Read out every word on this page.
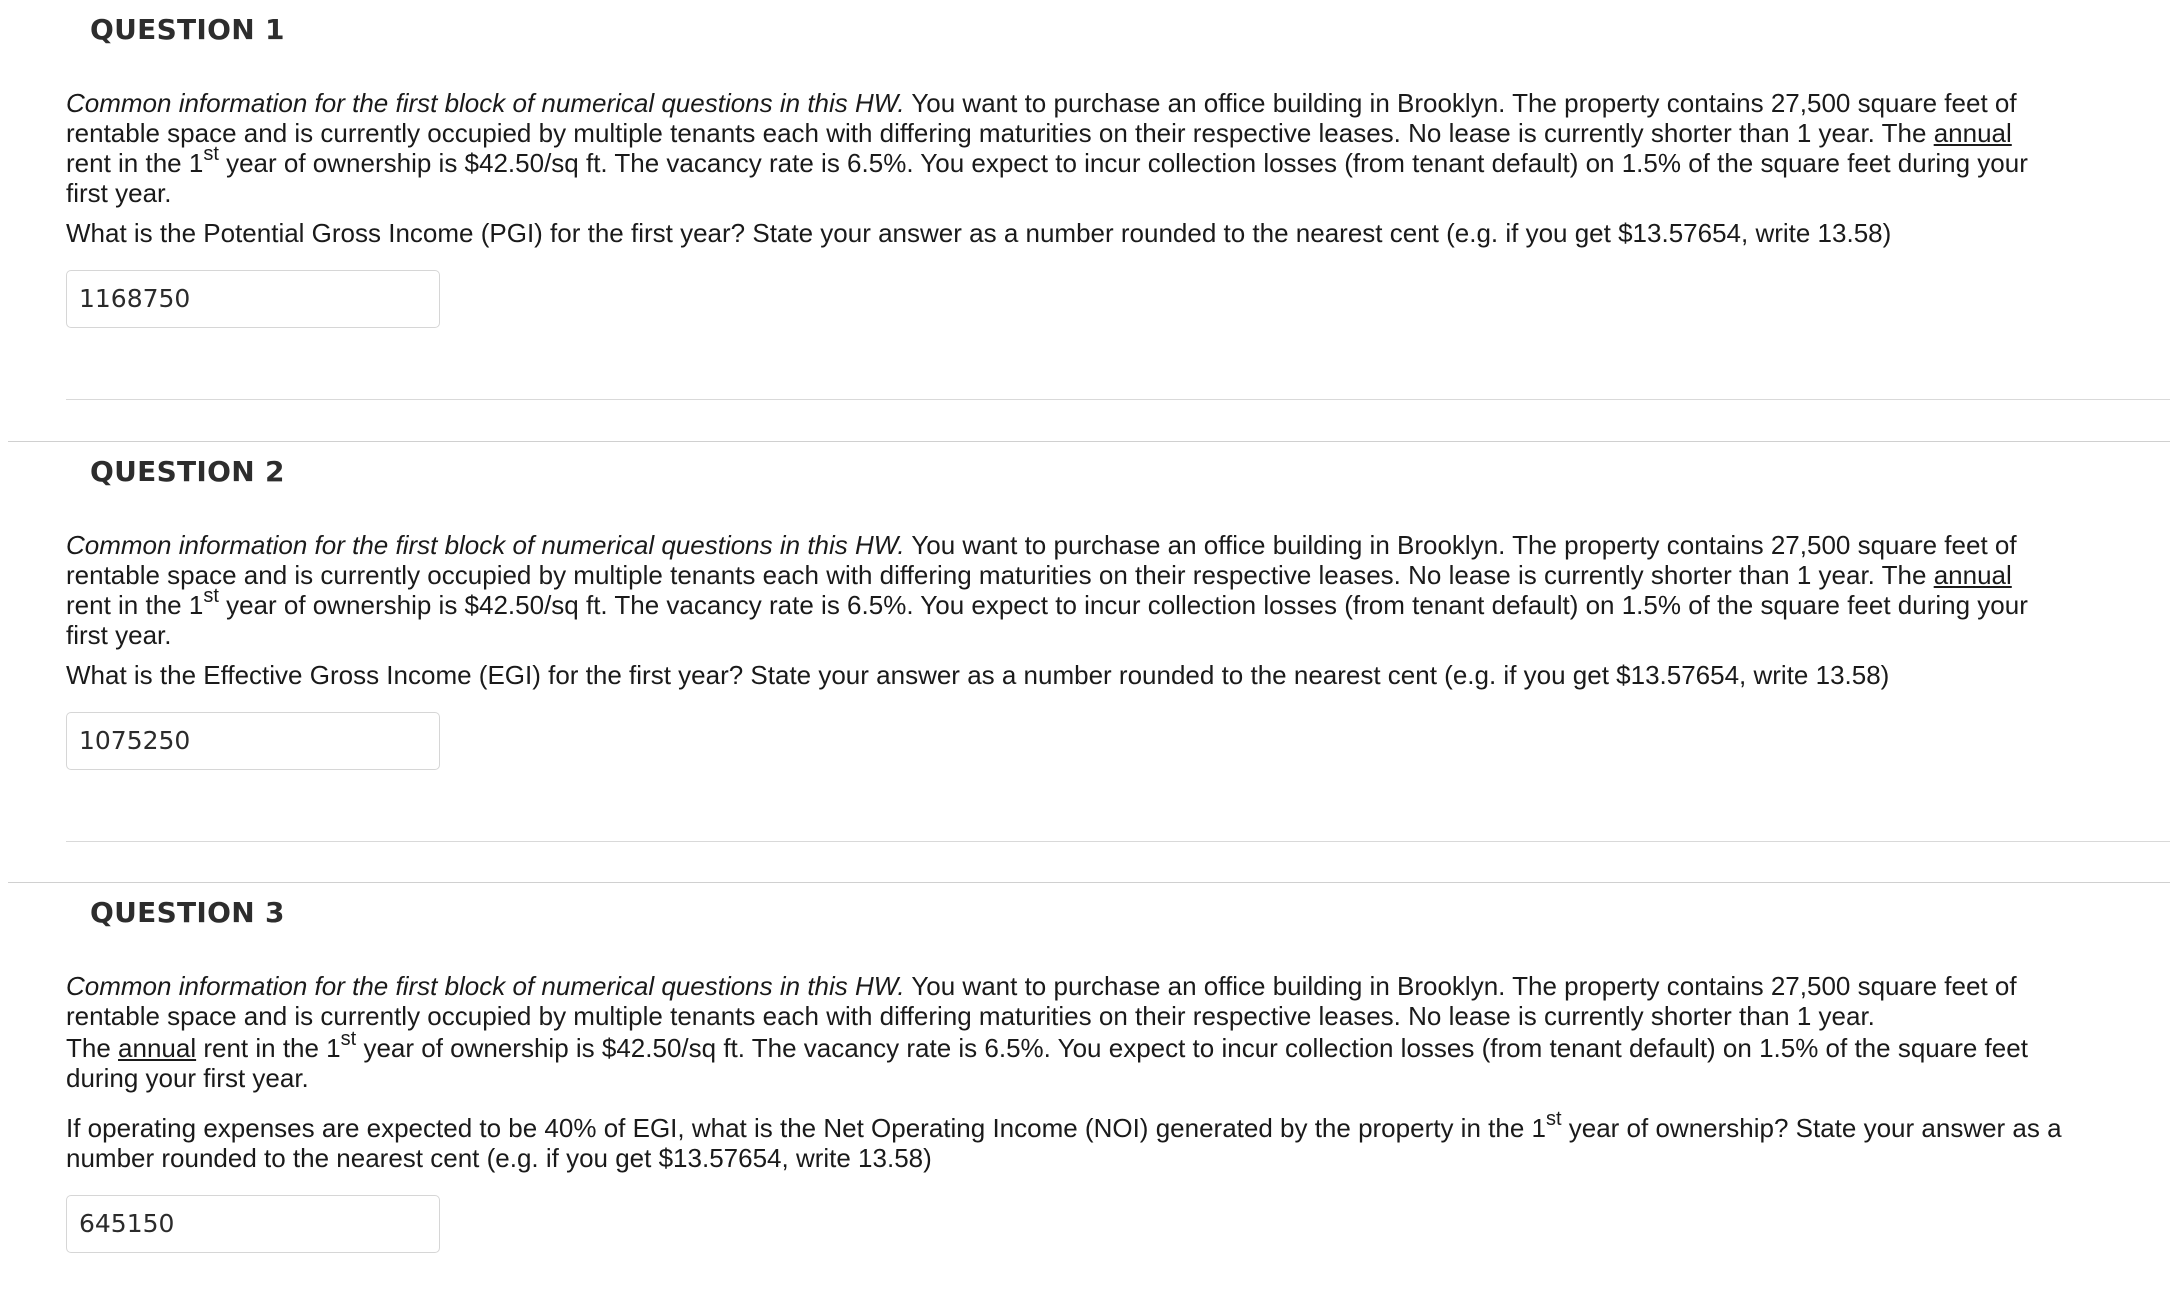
QUESTION 1

Common information for the first block of numerical questions in this HW. You want to purchase an office building in Brooklyn. The property contains 27,500 square feet of rentable space and is currently occupied by multiple tenants each with differing maturities on their respective leases. No lease is currently shorter than 1 year. The annual rent in the 1st year of ownership is $42.50/sq ft. The vacancy rate is 6.5%. You expect to incur collection losses (from tenant default) on 1.5% of the square feet during your first year.

What is the Potential Gross Income (PGI) for the first year? State your answer as a number rounded to the nearest cent (e.g. if you get $13.57654, write 13.58)

1168750
QUESTION 2

Common information for the first block of numerical questions in this HW. You want to purchase an office building in Brooklyn. The property contains 27,500 square feet of rentable space and is currently occupied by multiple tenants each with differing maturities on their respective leases. No lease is currently shorter than 1 year. The annual rent in the 1st year of ownership is $42.50/sq ft. The vacancy rate is 6.5%. You expect to incur collection losses (from tenant default) on 1.5% of the square feet during your first year.

What is the Effective Gross Income (EGI) for the first year? State your answer as a number rounded to the nearest cent (e.g. if you get $13.57654, write 13.58)

1075250
QUESTION 3

Common information for the first block of numerical questions in this HW. You want to purchase an office building in Brooklyn. The property contains 27,500 square feet of rentable space and is currently occupied by multiple tenants each with differing maturities on their respective leases. No lease is currently shorter than 1 year.

The annual rent in the 1st year of ownership is $42.50/sq ft. The vacancy rate is 6.5%. You expect to incur collection losses (from tenant default) on 1.5% of the square feet during your first year.

If operating expenses are expected to be 40% of EGI, what is the Net Operating Income (NOI) generated by the property in the 1st year of ownership? State your answer as a number rounded to the nearest cent (e.g. if you get $13.57654, write 13.58)

645150
